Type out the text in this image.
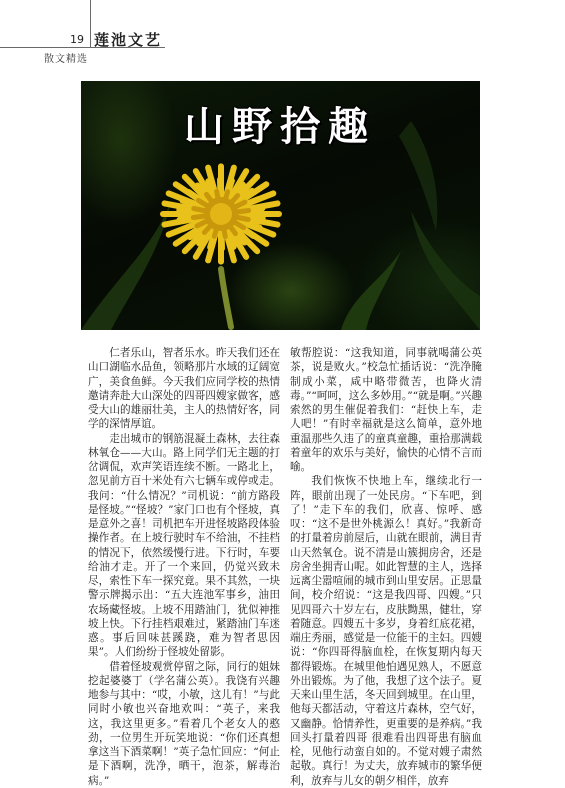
19 莲池文艺
散文精选
山野拾趣

仁者乐山，智者乐水。昨天我们还在山口湖临水品鱼，领略那片水域的辽阔宽广，美食鱼鲜。今天我们应同学校的热情邀请奔赴大山深处的四哥四嫂家做客，感受大山的雄丽壮美，主人的热情好客，同学的深情厚谊。

走出城市的钢筋混凝土森林，去往森林氧仓——大山。路上同学们无主题的打岔调侃，欢声笑语连续不断。一路北上，忽见前方百十米处有六七辆车或停或走。我问：“什么情况？”司机说：“前方路段是怪坡。”“怪坡？”家门口也有个怪坡，真是意外之喜！司机把车开进怪坡路段体验操作者。在上坡行驶时车不给油，不挂档的情况下，依然缓慢行进。下行时，车要给油才走。开了一个来回，仍觉兴致未尽，索性下车一探究竟。果不其然，一块警示牌揭示出：“五大连池军事乡，油田农场藏怪坡。上坡不用踏油门，犹似神推坡上快。下行挂档艰难过，紧踏油门车迷惑。事后回味甚蹊跷，难为智者思因果”。人们纷纷于怪坡处留影。

借着怪坡观赏停留之际，同行的姐妹挖起婆婆丁（学名蒲公英）。我饶有兴趣地参与其中：“哎，小敏，这儿有！”与此同时小敏也兴奋地欢叫：“英子，来我这，我这里更多。”看着几个老女人的憨劲，一位男生开玩笑地说：“你们还真想拿这当下酒菜啊！”英子急忙回应：“何止是下酒啊，洗净，晒干，泡茶，解毒治病。”

敏帮腔说：“这我知道，同事就喝蒲公英茶，说是败火。”校急忙插话说：“洗净腌制成小菜，咸中略带微苦，也降火清毒。”“呵呵，这么多妙用。”“就是啊。”兴趣索然的男生催促着我们：“赶快上车，走人吧！”有时幸福就是这么简单，意外地重温那些久违了的童真童趣，重拾那满载着童年的欢乐与美好，愉快的心情不言而喻。

我们恢恢不快地上车，继续北行一阵，眼前出现了一处民房。“下车吧，到了！”走下车的我们，欣喜、惊呼、感叹：“这不是世外桃源么！真好。”我新奇的打量着房前屋后，山就在眼前，满目青山天然氧仓。说不清是山簇拥房舍，还是房舍坐拥青山呢。如此智慧的主人，选择远离尘嚣喧闹的城市到山里安居。正思量间，校介绍说：“这是我四哥、四嫂。”只见四哥六十岁左右，皮肤黝黑，健壮，穿着随意。四嫂五十多岁，身着红底花裙，端庄秀丽，感觉是一位能干的主妇。四嫂说：“你四哥得脑血栓，在恢复期内每天都得锻炼。在城里他怕遇见熟人，不愿意外出锻炼。为了他，我想了这个法子。夏天来山里生活，冬天回到城里。在山里，他每天都活动，守着这片森林，空气好，又幽静。恰情养性，更重要的是养病。”我回头打量着四哥 很难看出四哥患有脑血栓，见他行动蛮自如的。不觉对嫂子肃然起敬。真行！为丈夫，放弃城市的繁华便利，放弃与儿女的朝夕相伴，放弃
